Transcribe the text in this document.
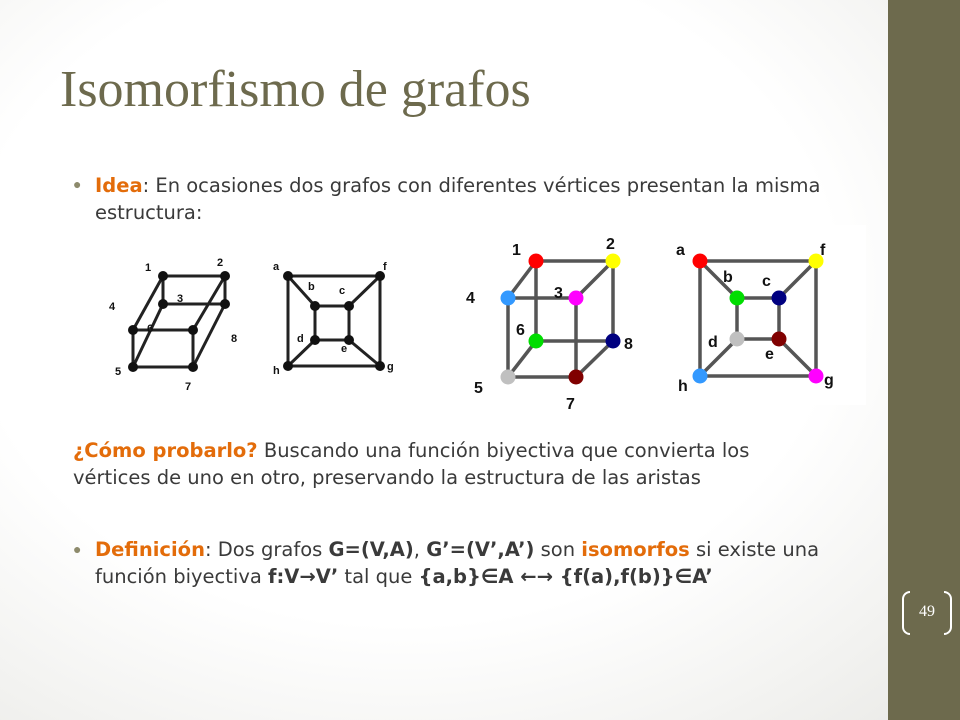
49
Isomorfismo de grafos
● Idea: En ocasiones dos grafos con diferentes vértices presentan la misma estructura:
1	2
3
4
5
6
7
8
a
b c
d
e
f
g
h
1	2
3
4
5
6
7
8
a
b c
d
e
f
g
h
¿Cómo probarlo? Buscando una función biyectiva que convierta los vértices de uno en otro, preservando la estructura de las aristas
● Definición: Dos grafos G=(V,A), G’=(V’,A’) son isomorfos si existe una función biyectiva f:V→V’ tal que {a,b}∈A ←→ {f(a),f(b)}∈A’
